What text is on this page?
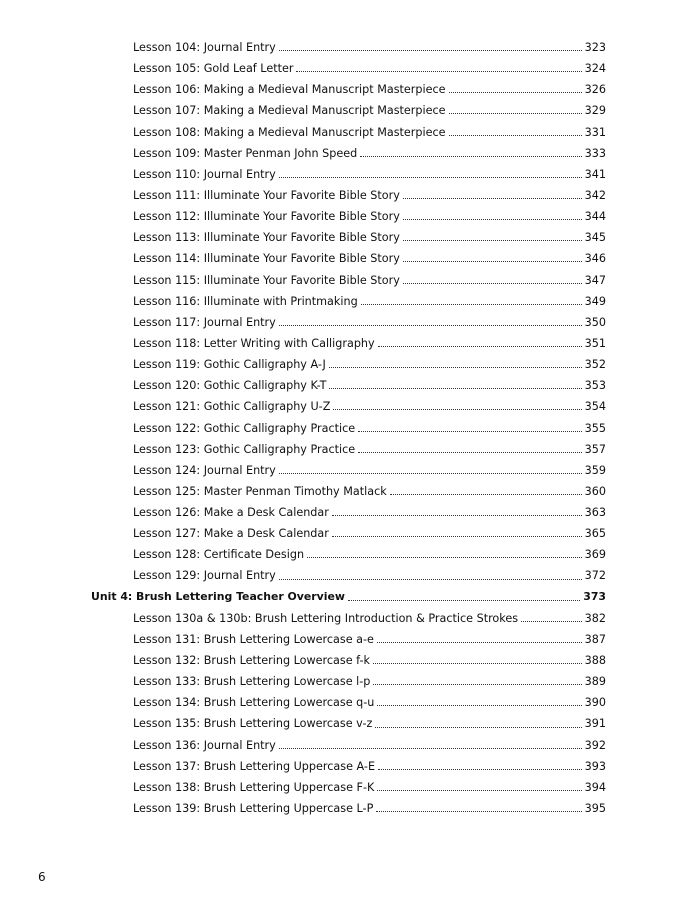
Lesson 104: Journal Entry	323
Lesson 105: Gold Leaf Letter	324
Lesson 106: Making a Medieval Manuscript Masterpiece	326
Lesson 107: Making a Medieval Manuscript Masterpiece	329
Lesson 108: Making a Medieval Manuscript Masterpiece	331
Lesson 109: Master Penman John Speed	333
Lesson 110: Journal Entry	341
Lesson 111: Illuminate Your Favorite Bible Story	342
Lesson 112: Illuminate Your Favorite Bible Story	344
Lesson 113: Illuminate Your Favorite Bible Story	345
Lesson 114: Illuminate Your Favorite Bible Story	346
Lesson 115: Illuminate Your Favorite Bible Story	347
Lesson 116: Illuminate with Printmaking	349
Lesson 117: Journal Entry	350
Lesson 118: Letter Writing with Calligraphy	351
Lesson 119: Gothic Calligraphy A-J	352
Lesson 120: Gothic Calligraphy K-T	353
Lesson 121: Gothic Calligraphy U-Z	354
Lesson 122: Gothic Calligraphy Practice	355
Lesson 123: Gothic Calligraphy Practice	357
Lesson 124: Journal Entry	359
Lesson 125: Master Penman Timothy Matlack	360
Lesson 126: Make a Desk Calendar	363
Lesson 127: Make a Desk Calendar	365
Lesson 128: Certificate Design	369
Lesson 129: Journal Entry	372
Unit 4: Brush Lettering Teacher Overview	373
Lesson 130a & 130b: Brush Lettering Introduction & Practice Strokes	382
Lesson 131: Brush Lettering Lowercase a-e	387
Lesson 132: Brush Lettering Lowercase f-k	388
Lesson 133: Brush Lettering Lowercase l-p	389
Lesson 134: Brush Lettering Lowercase q-u	390
Lesson 135: Brush Lettering Lowercase v-z	391
Lesson 136: Journal Entry	392
Lesson 137: Brush Lettering Uppercase A-E	393
Lesson 138: Brush Lettering Uppercase F-K	394
Lesson 139: Brush Lettering Uppercase L-P	395
6
